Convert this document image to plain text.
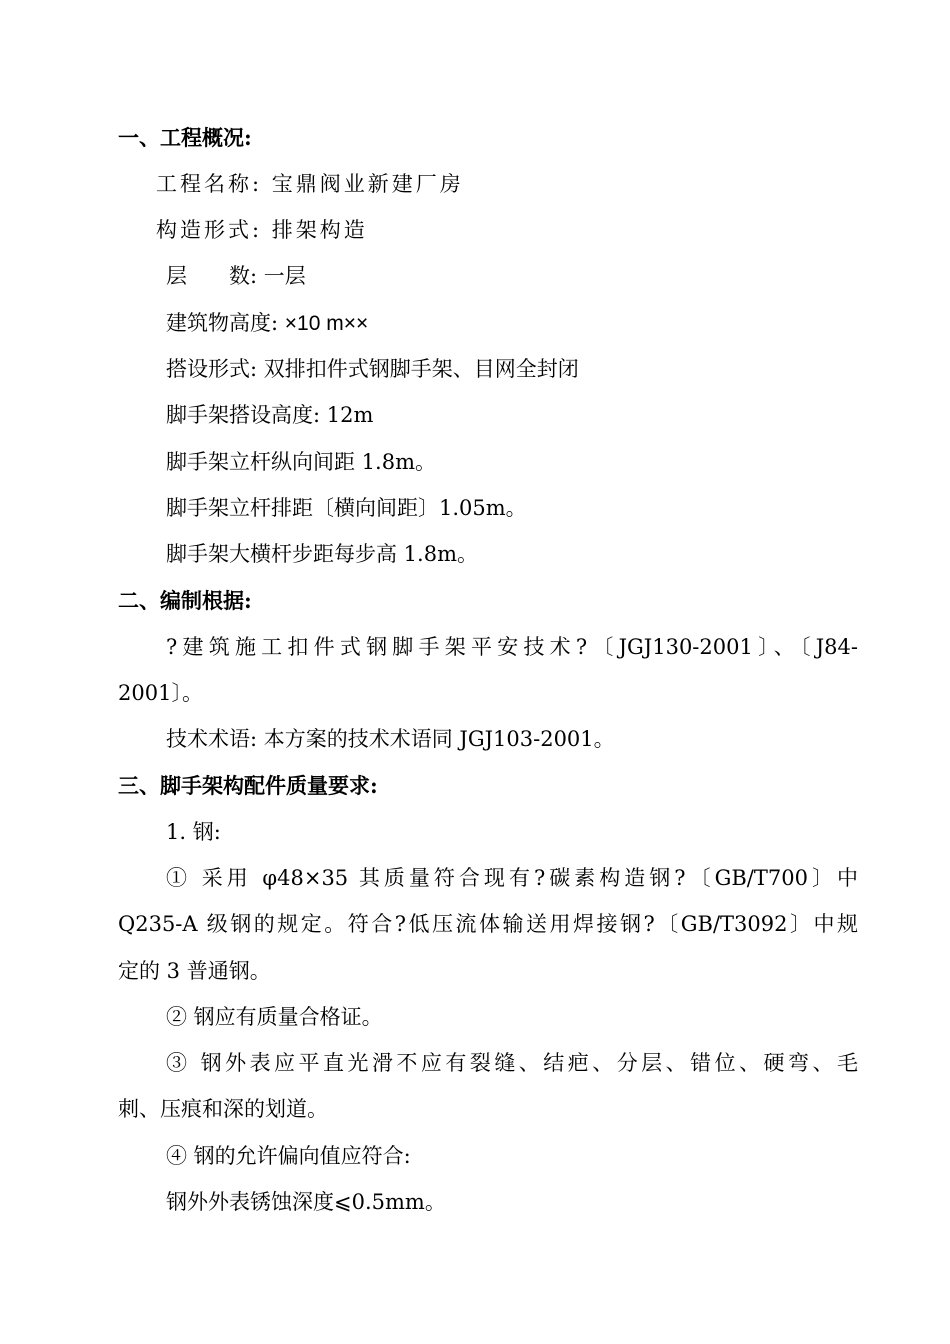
一、工程概况:
工程名称: 宝鼎阀业新建厂房
构造形式: 排架构造
层 数: 一层
建筑物高度: ×10 m××
搭设形式: 双排扣件式钢脚手架、目网全封闭
脚手架搭设高度: 12m
脚手架立杆纵向间距 1.8m。
脚手架立杆排距〔横向间距〕1.05m。
脚手架大横杆步距每步高 1.8m。
二、编制根据:
?建筑施工扣件式钢脚手架平安技术?〔JGJ130-2001〕、〔J84-
2001〕。
技术术语: 本方案的技术术语同 JGJ103-2001。
三、脚手架构配件质量要求:
1. 钢:
① 采用 φ48×35 其质量符合现有?碳素构造钢?〔GB/T700〕中
Q235-A 级钢的规定。符合?低压流体输送用焊接钢?〔GB/T3092〕中规
定的 3 普通钢。
② 钢应有质量合格证。
③ 钢外表应平直光滑不应有裂缝、结疤、分层、错位、硬弯、毛
刺、压痕和深的划道。
④ 钢的允许偏向值应符合:
钢外外表锈蚀深度⩽0.5mm。
